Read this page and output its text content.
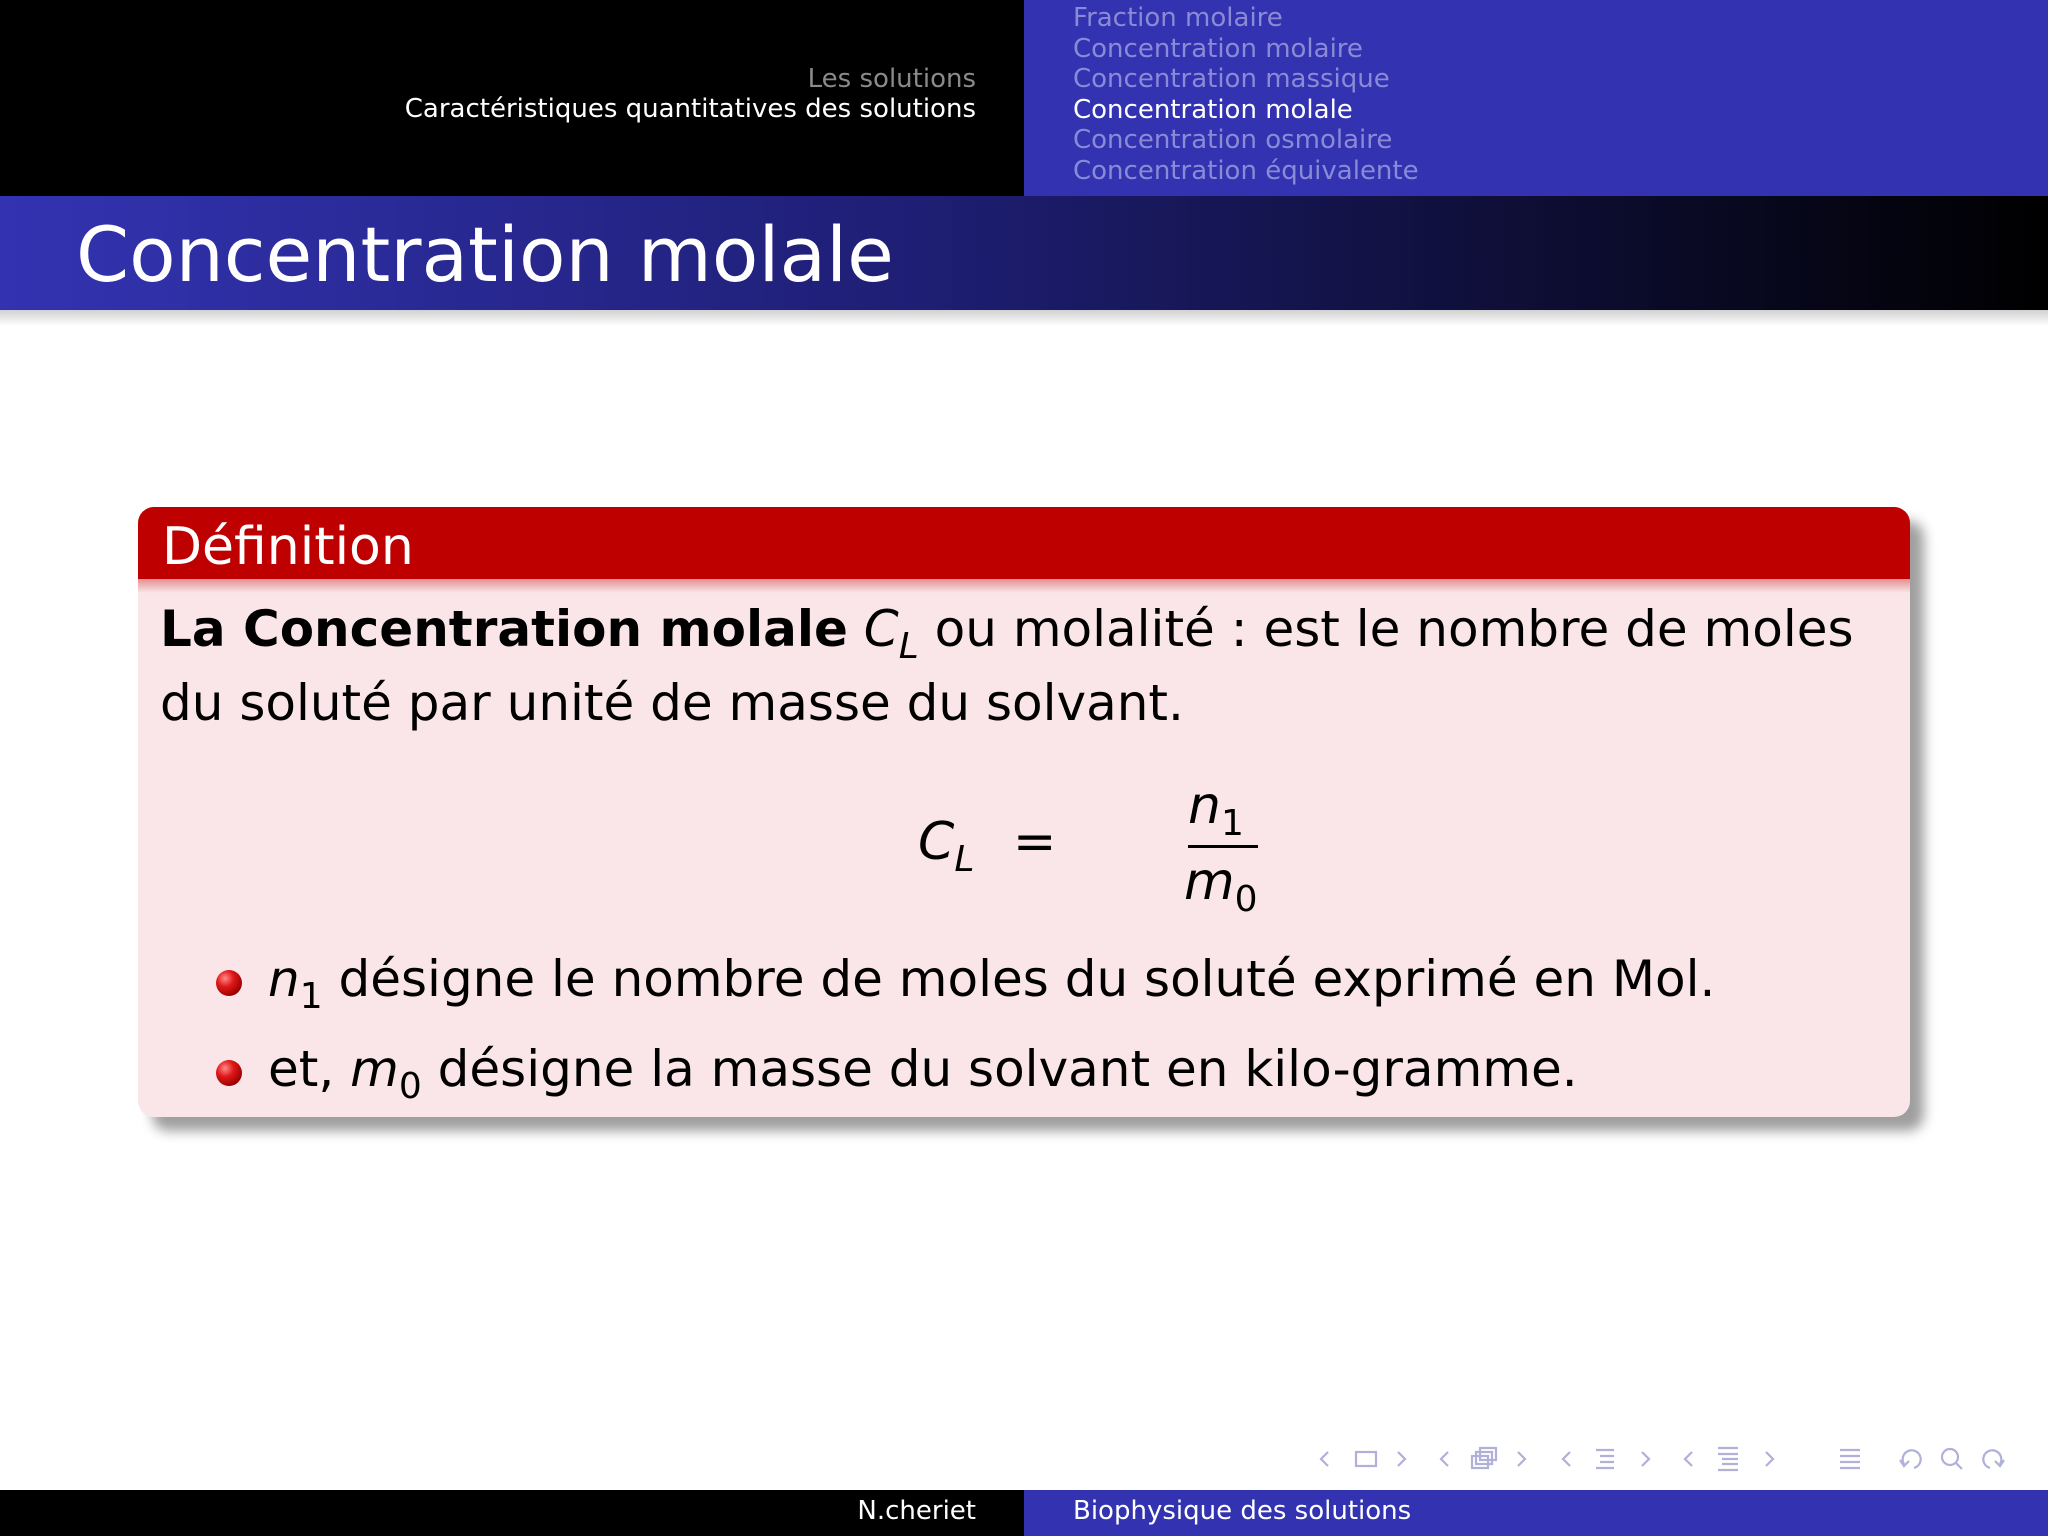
Les solutions
Caractéristiques quantitatives des solutions
Fraction molaire
Concentration molaire
Concentration massique
Concentration molale
Concentration osmolaire
Concentration équivalente
Concentration molale
Définition
La Concentration molale $C_L$ ou molalité : est le nombre de moles du soluté par unité de masse du solvant.
$C_L$ =
$n_1$
$m_0$
$n_1$ désigne le nombre de moles du soluté exprimé en Mol.
et, $m_0$ désigne la masse du solvant en kilo-gramme.
N.cheriet	Biophysique des solutions
